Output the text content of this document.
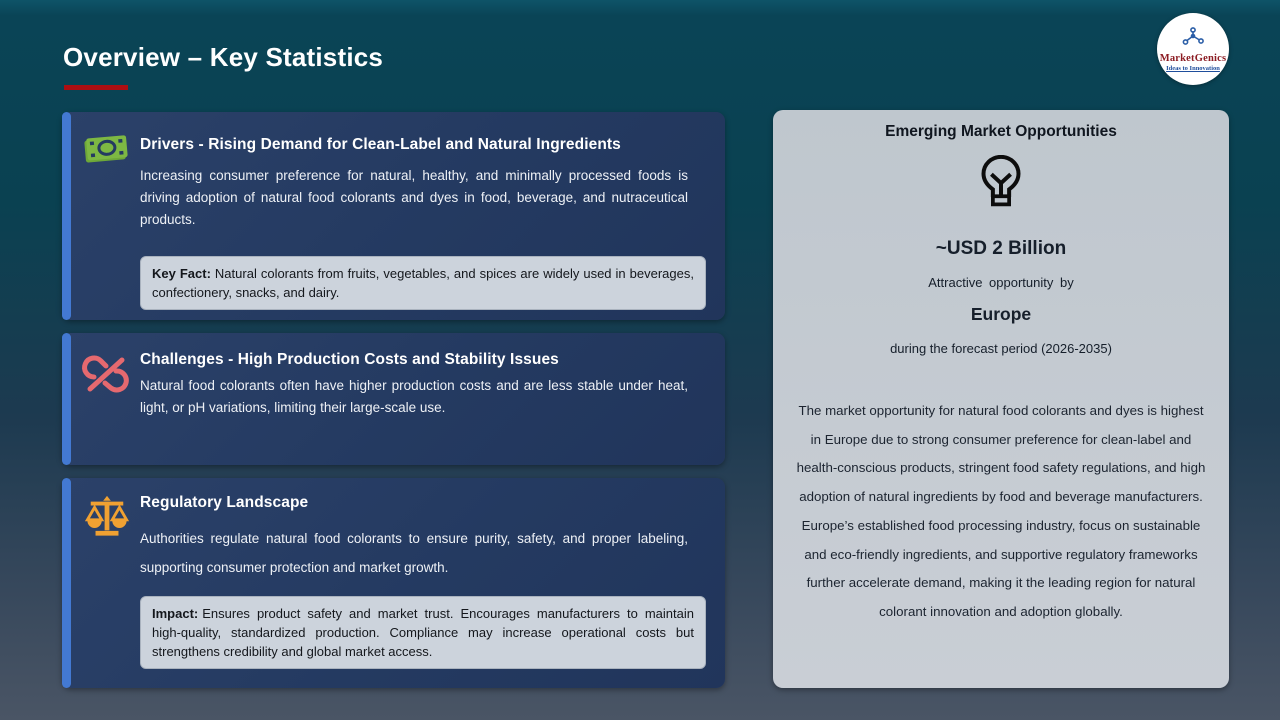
Overview – Key Statistics	MarketGenics
Ideas to Innovation
Drivers - Rising Demand for Clean-Label and Natural Ingredients
Increasing consumer preference for natural, healthy, and minimally processed foods is driving adoption of natural food colorants and dyes in food, beverage, and nutraceutical products.
Key Fact: Natural colorants from fruits, vegetables, and spices are widely used in beverages, confectionery, snacks, and dairy.
Challenges - High Production Costs and Stability Issues
Natural food colorants often have higher production costs and are less stable under heat, light, or pH variations, limiting their large-scale use.
Regulatory Landscape
Authorities regulate natural food colorants to ensure purity, safety, and proper labeling, supporting consumer protection and market growth.
Impact: Ensures product safety and market trust. Encourages manufacturers to maintain high-quality, standardized production. Compliance may increase operational costs but strengthens credibility and global market access.
Emerging Market Opportunities
~USD 2 Billion
Attractive opportunity by
Europe
during the forecast period (2026-2035)
The market opportunity for natural food colorants and dyes is highest in Europe due to strong consumer preference for clean-label and health-conscious products, stringent food safety regulations, and high adoption of natural ingredients by food and beverage manufacturers. Europe’s established food processing industry, focus on sustainable and eco-friendly ingredients, and supportive regulatory frameworks further accelerate demand, making it the leading region for natural colorant innovation and adoption globally.
